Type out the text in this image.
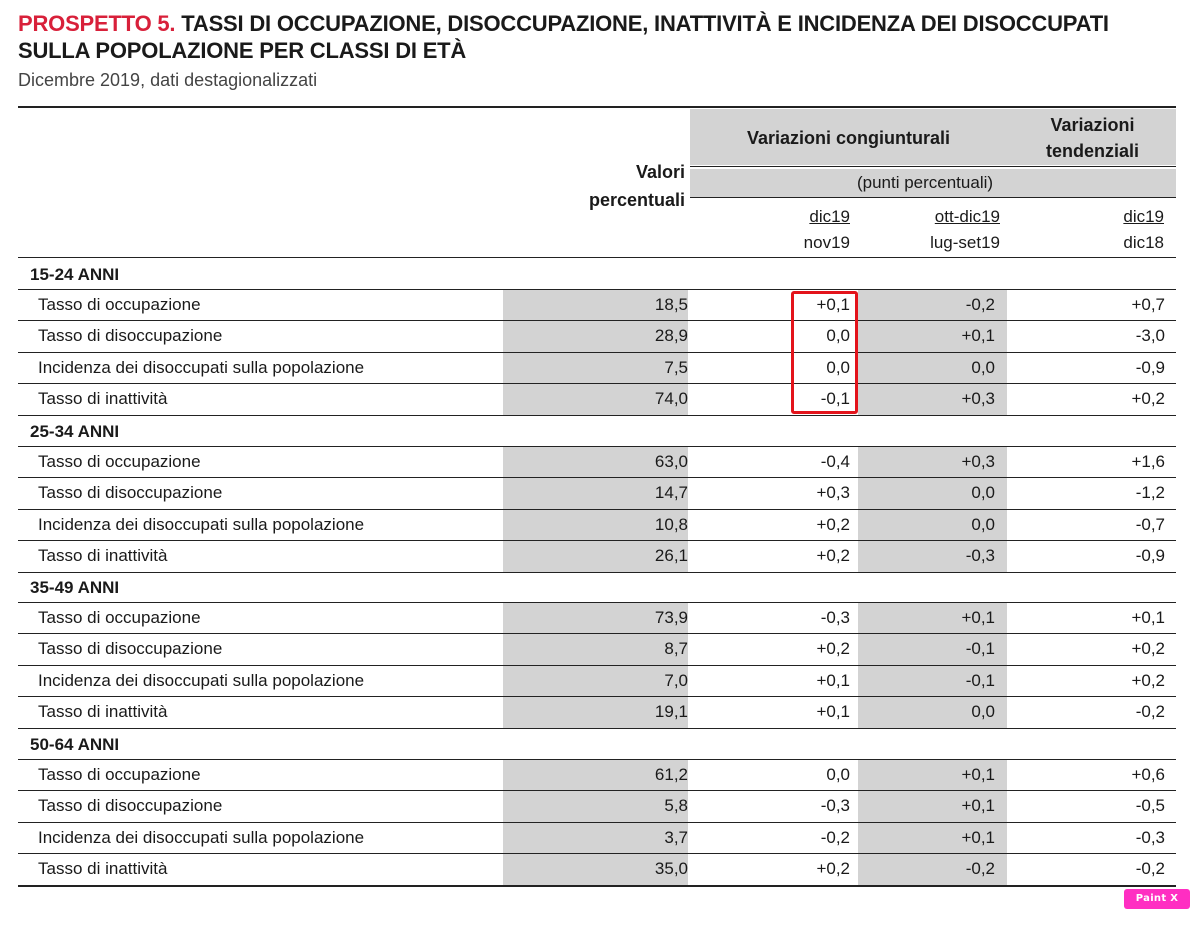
PROSPETTO 5. TASSI DI OCCUPAZIONE, DISOCCUPAZIONE, INATTIVITÀ E INCIDENZA DEI DISOCCUPATI SULLA POPOLAZIONE PER CLASSI DI ETÀ
Dicembre 2019, dati destagionalizzati
Valori
percentuali
Variazioni congiunturali
Variazioni
tendenziali
(punti percentuali)
dic19
nov19
ott-dic19
lug-set19
dic19
dic18
15-24 ANNI
Tasso di occupazione	18,5	+0,1	-0,2	+0,7
Tasso di disoccupazione	28,9	0,0	+0,1	-3,0
Incidenza dei disoccupati sulla popolazione	7,5	0,0	0,0	-0,9
Tasso di inattività	74,0	-0,1	+0,3	+0,2
25-34 ANNI
Tasso di occupazione	63,0	-0,4	+0,3	+1,6
Tasso di disoccupazione	14,7	+0,3	0,0	-1,2
Incidenza dei disoccupati sulla popolazione	10,8	+0,2	0,0	-0,7
Tasso di inattività	26,1	+0,2	-0,3	-0,9
35-49 ANNI
Tasso di occupazione	73,9	-0,3	+0,1	+0,1
Tasso di disoccupazione	8,7	+0,2	-0,1	+0,2
Incidenza dei disoccupati sulla popolazione	7,0	+0,1	-0,1	+0,2
Tasso di inattività	19,1	+0,1	0,0	-0,2
50-64 ANNI
Tasso di occupazione	61,2	0,0	+0,1	+0,6
Tasso di disoccupazione	5,8	-0,3	+0,1	-0,5
Incidenza dei disoccupati sulla popolazione	3,7	-0,2	+0,1	-0,3
Tasso di inattività	35,0	+0,2	-0,2	-0,2
Paint X Lite
